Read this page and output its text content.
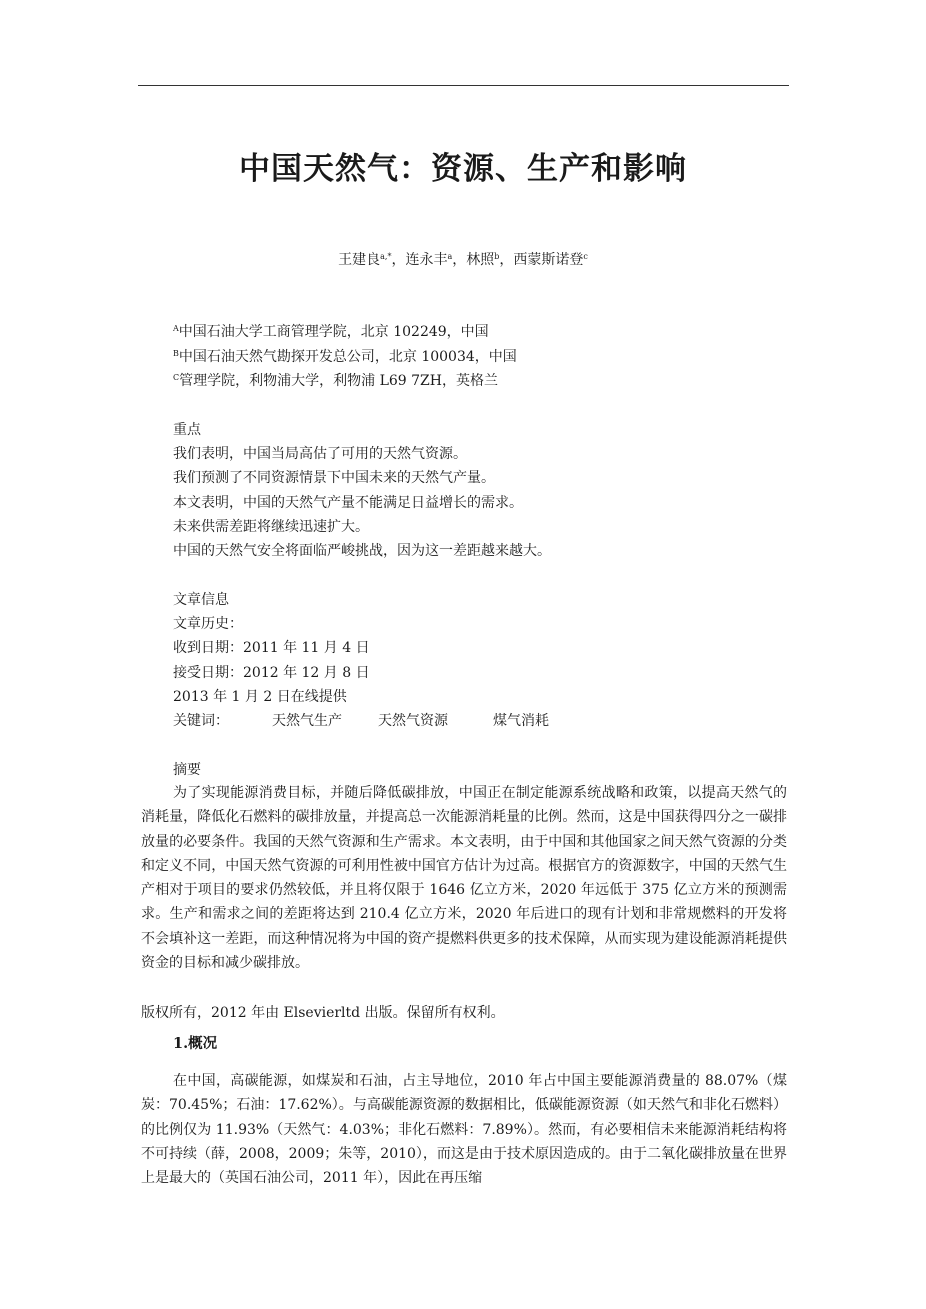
中国天然气：资源、生产和影响
王建良$^{a,*}$，连永丰$^a$，林照$^b$，西蒙斯诺登$^c$
$^A$中国石油大学工商管理学院，北京 102249，中国
$^B$中国石油天然气勘探开发总公司，北京 100034，中国
$^C$管理学院，利物浦大学，利物浦 L69 7ZH，英格兰
重点
我们表明，中国当局高估了可用的天然气资源。
我们预测了不同资源情景下中国未来的天然气产量。
本文表明，中国的天然气产量不能满足日益增长的需求。
未来供需差距将继续迅速扩大。
中国的天然气安全将面临严峻挑战，因为这一差距越来越大。
文章信息
文章历史：
收到日期：2011 年 11 月 4 日
接受日期：2012 年 12 月 8 日
2013 年 1 月 2 日在线提供
关键词：	天然气生产	天然气资源	煤气消耗
摘要
为了实现能源消费目标，并随后降低碳排放，中国正在制定能源系统战略和政策，以提高天然气的消耗量，降低化石燃料的碳排放量，并提高总一次能源消耗量的比例。然而，这是中国获得四分之一碳排放量的必要条件。我国的天然气资源和生产需求。本文表明，由于中国和其他国家之间天然气资源的分类和定义不同，中国天然气资源的可利用性被中国官方估计为过高。根据官方的资源数字，中国的天然气生产相对于项目的要求仍然较低，并且将仅限于 1646 亿立方米，2020 年远低于 375 亿立方米的预测需求。生产和需求之间的差距将达到 210.4 亿立方米，2020 年后进口的现有计划和非常规燃料的开发将不会填补这一差距，而这种情况将为中国的资产提燃料供更多的技术保障，从而实现为建设能源消耗提供资金的目标和减少碳排放。
版权所有，2012 年由 Elsevierltd 出版。保留所有权利。
1.概况
在中国，高碳能源，如煤炭和石油，占主导地位，2010 年占中国主要能源消费量的 88.07%（煤炭：70.45%；石油：17.62%）。与高碳能源资源的数据相比，低碳能源资源（如天然气和非化石燃料）的比例仅为 11.93%（天然气：4.03%；非化石燃料：7.89%）。然而，有必要相信未来能源消耗结构将不可持续（薛，2008，2009；朱等，2010），而这是由于技术原因造成的。由于二氧化碳排放量在世界上是最大的（英国石油公司，2011 年），因此在再压缩
